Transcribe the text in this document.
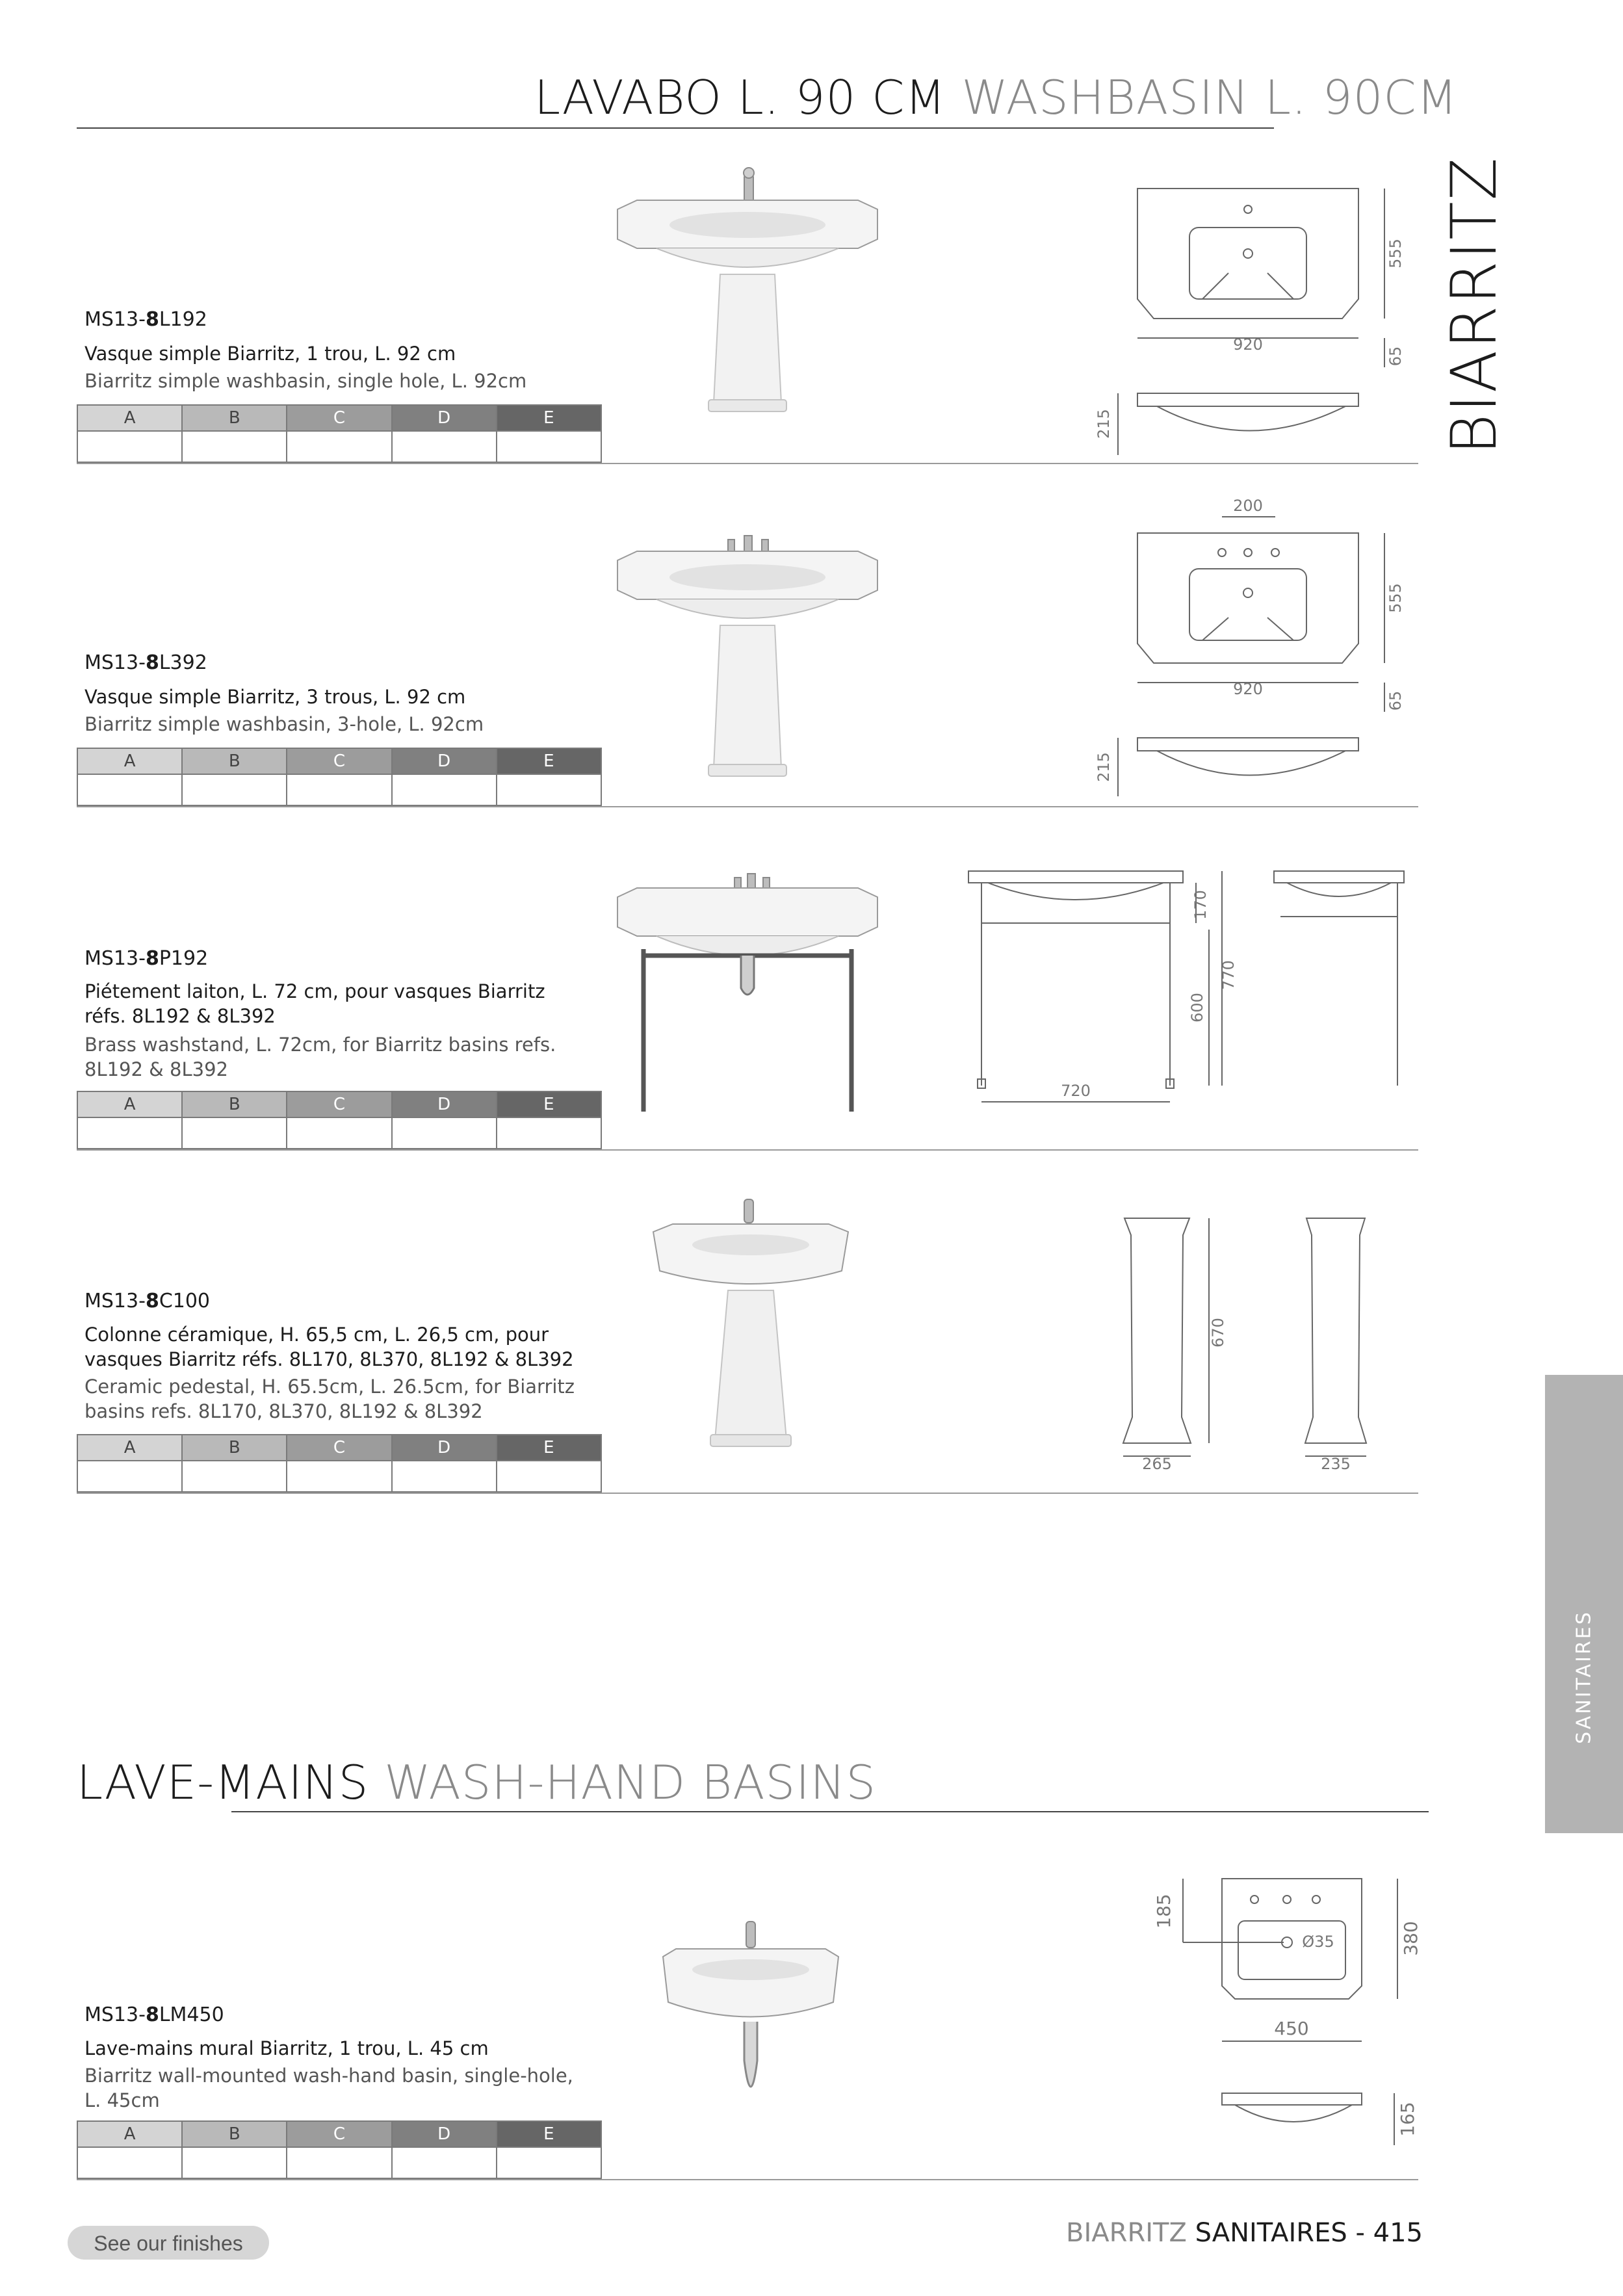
LAVABO L. 90 CM WASHBASIN L. 90CM
BIARRITZ
SANITAIRES
MS13-8L192
Vasque simple Biarritz, 1 trou, L. 92 cm
Biarritz simple washbasin, single hole, L. 92cm
A	B	C	D	E

920
555
65
215
MS13-8L392
Vasque simple Biarritz, 3 trous, L. 92 cm
Biarritz simple washbasin, 3-hole, L. 92cm
A	B	C	D	E

200
920
555
65
215
MS13-8P192
Piétement laiton, L. 72 cm, pour vasques Biarritz réfs. 8L192 & 8L392
Brass washstand, L. 72cm, for Biarritz basins refs. 8L192 & 8L392
A	B	C	D	E

720
170
600
770
MS13-8C100
Colonne céramique, H. 65,5 cm, L. 26,5 cm, pour vasques Biarritz réfs. 8L170, 8L370, 8L192 & 8L392
Ceramic pedestal, H. 65.5cm, L. 26.5cm, for Biarritz basins refs. 8L170, 8L370, 8L192 & 8L392
A	B	C	D	E

265	235
670
LAVE-MAINS WASH-HAND BASINS
MS13-8LM450
Lave-mains mural Biarritz, 1 trou, L. 45 cm
Biarritz wall-mounted wash-hand basin, single-hole, L. 45cm
A	B	C	D	E

185
Ø35	380
450
165
See our finishes	BIARRITZ SANITAIRES - 415
